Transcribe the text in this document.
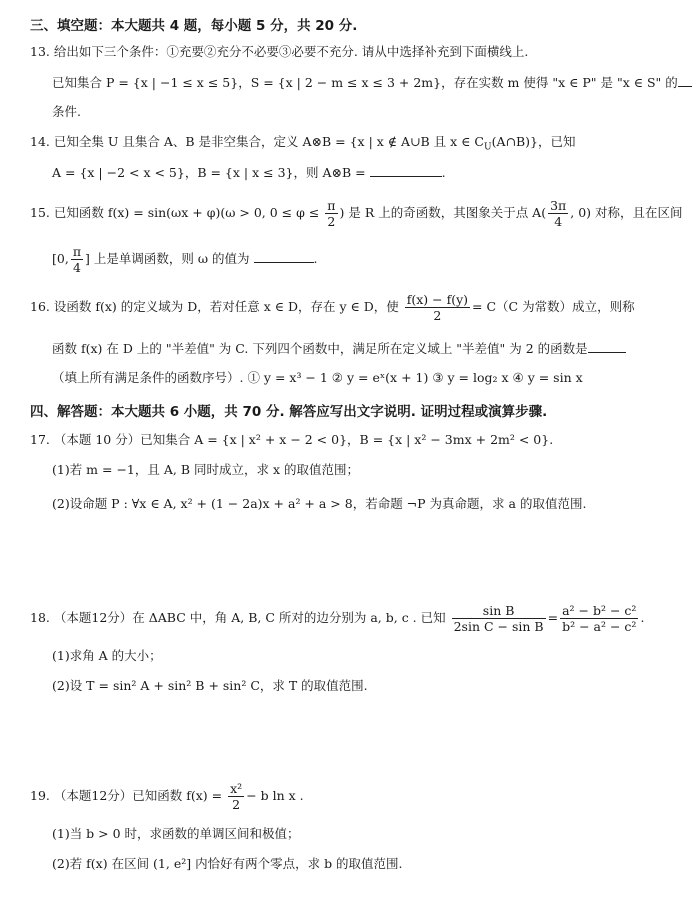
三、填空题：本大题共 4 题，每小题 5 分，共 20 分.
13. 给出如下三个条件：①充要②充分不必要③必要不充分. 请从中选择补充到下面横线上.
已知集合 P = {x | −1 ≤ x ≤ 5}，S = {x | 2 − m ≤ x ≤ 3 + 2m}，存在实数 m 使得 "x ∈ P" 是 "x ∈ S" 的
条件.
14. 已知全集 U 且集合 A、B 是非空集合，定义 A⊗B = {x | x ∉ A∪B 且 x ∈ $C_U(A\cap B)$}，已知
A = {x | −2 < x < 5}，B = {x | x ≤ 3}，则 A⊗B =	.
15. 已知函数 f(x) = sin(ωx + φ)(ω > 0, $0 \le \varphi \le \frac{\pi}{2}$ ) 是 R 上的奇函数，其图象关于点 $A( \frac{3\pi}{4}$ , 0) 对称，且在区间
[0, $\frac{\pi}{4}$ ] 上是单调函数，则 ω 的值为	.
16. 设函数 f(x) 的定义域为 D，若对任意 x ∈ D，存在 y ∈ D，使 $\frac{f(x) - f(y)}{2} = C(C$ 为常数）成立，则称
函数 f(x) 在 D 上的 "半差值" 为 C. 下列四个函数中，满足所在定义域上 "半差值" 为 2 的函数是
（填上所有满足条件的函数序号）. ① y = x³ − 1 ② y = eˣ(x + 1) ③ y = log₂ x ④ y = sin x
四、解答题：本大题共 6 小题，共 70 分. 解答应写出文字说明. 证明过程或演算步骤.
17. （本题 10 分）已知集合 A = {x | x² + x − 2 < 0}，B = {x | x² − 3mx + 2m² < 0}.
(1)若 m = −1，且 A, B 同时成立，求 x 的取值范围；
(2)设命题 P : ∀x ∈ A, x² + (1 − 2a)x + a² + a > 8，若命题 ¬P 为真命题，求 a 的取值范围.
18. （本题12分）在 ΔABC 中，角 A, B, C 所对的边分别为 a, b, c . 已知 $\frac{\text{sin B}}{\text{2sin C − sin B}} = \frac{\text{a² − b² − c²}}{\text{b² − a² − c²}}$ .
(1)求角 A 的大小；
(2)设 T = sin² A + sin² B + sin² C，求 T 的取值范围.
19. （本题12分）已知函数 $f(x) = \frac{\text{x²}}{2} - b$ ln x .
(1)当 b > 0 时，求函数的单调区间和极值；
(2)若 f(x) 在区间 (1, e²] 内恰好有两个零点，求 b 的取值范围.
